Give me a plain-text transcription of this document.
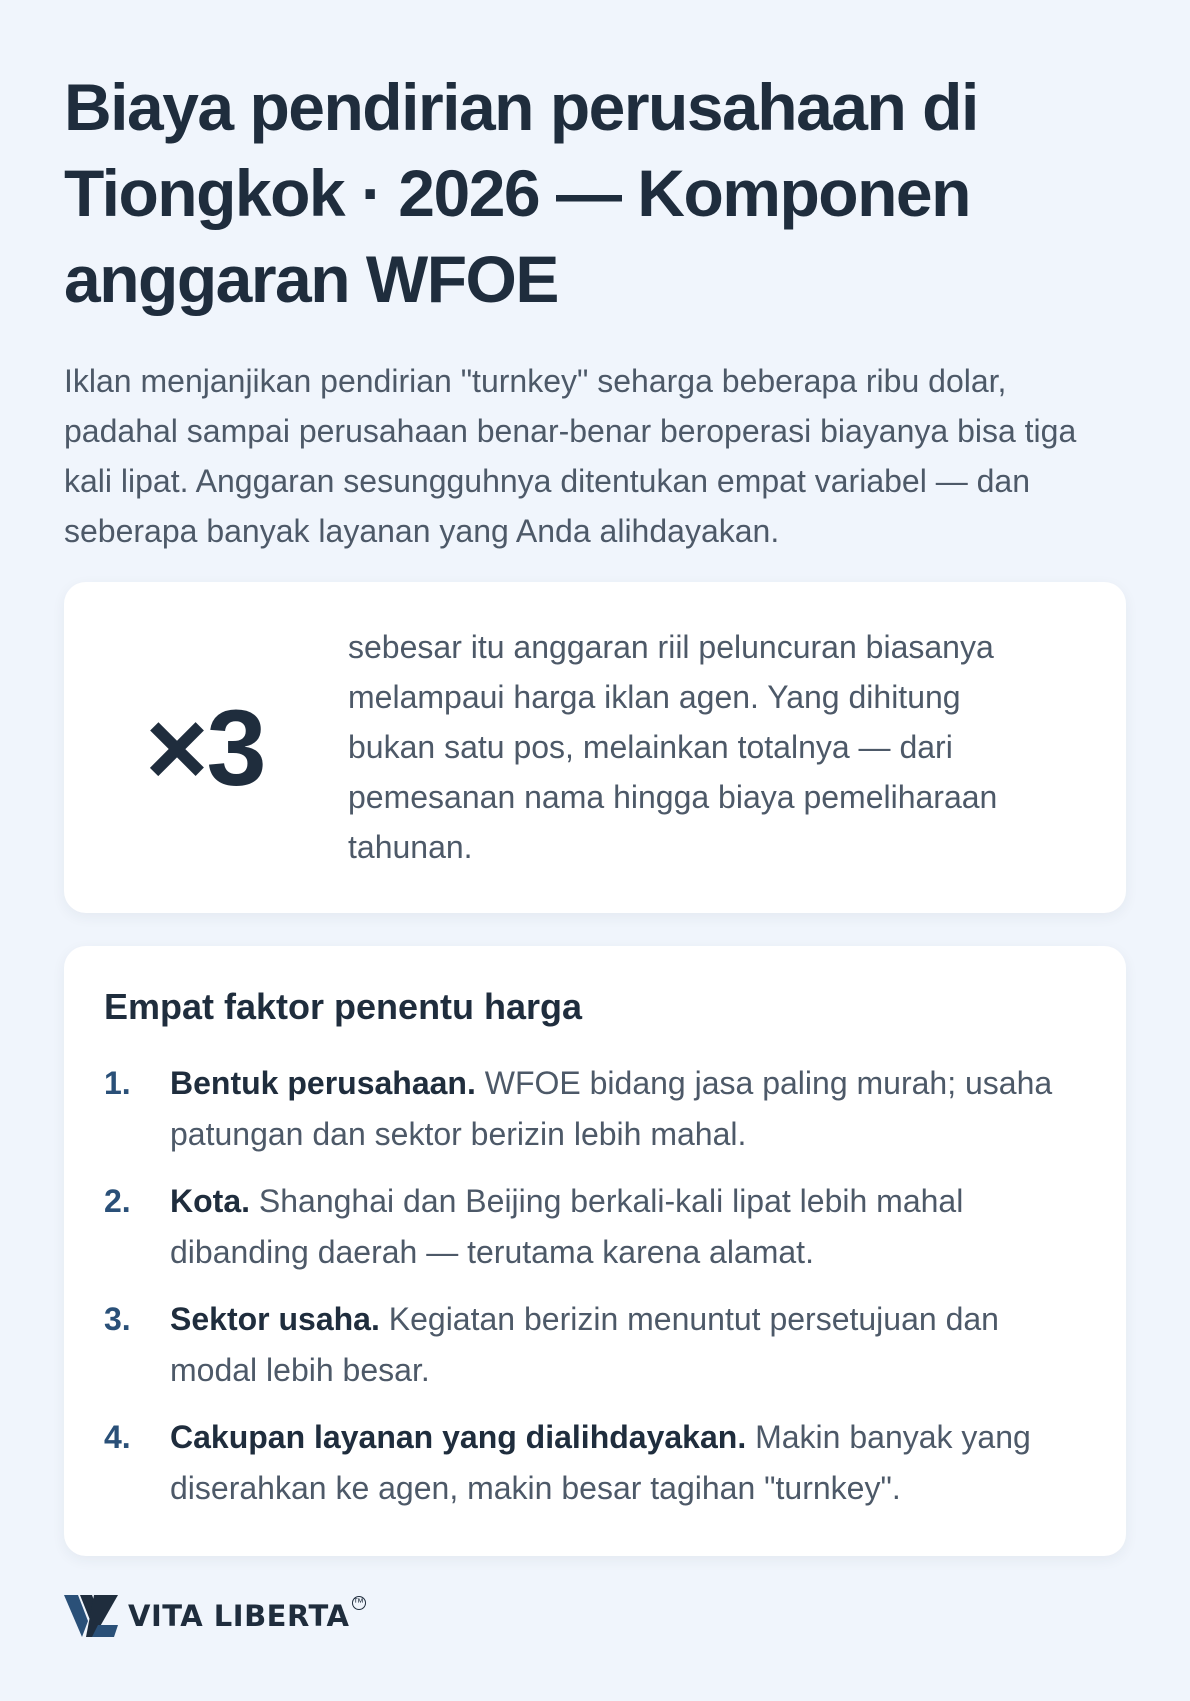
Biaya pendirian perusahaan di Tiongkok · 2026 — Komponen anggaran WFOE

Iklan menjanjikan pendirian "turnkey" seharga beberapa ribu dolar, padahal sampai perusahaan benar-benar beroperasi biayanya bisa tiga kali lipat. Anggaran sesungguhnya ditentukan empat variabel — dan seberapa banyak layanan yang Anda alihdayakan.

×3

sebesar itu anggaran riil peluncuran biasanya melampaui harga iklan agen. Yang dihitung bukan satu pos, melainkan totalnya — dari pemesanan nama hingga biaya pemeliharaan tahunan.

Empat faktor penentu harga
1. Bentuk perusahaan. WFOE bidang jasa paling murah; usaha patungan dan sektor berizin lebih mahal.
2. Kota. Shanghai dan Beijing berkali-kali lipat lebih mahal dibanding daerah — terutama karena alamat.
3. Sektor usaha. Kegiatan berizin menuntut persetujuan dan modal lebih besar.
4. Cakupan layanan yang dialihdayakan. Makin banyak yang diserahkan ke agen, makin besar tagihan "turnkey".
VITA LIBERTA ™
